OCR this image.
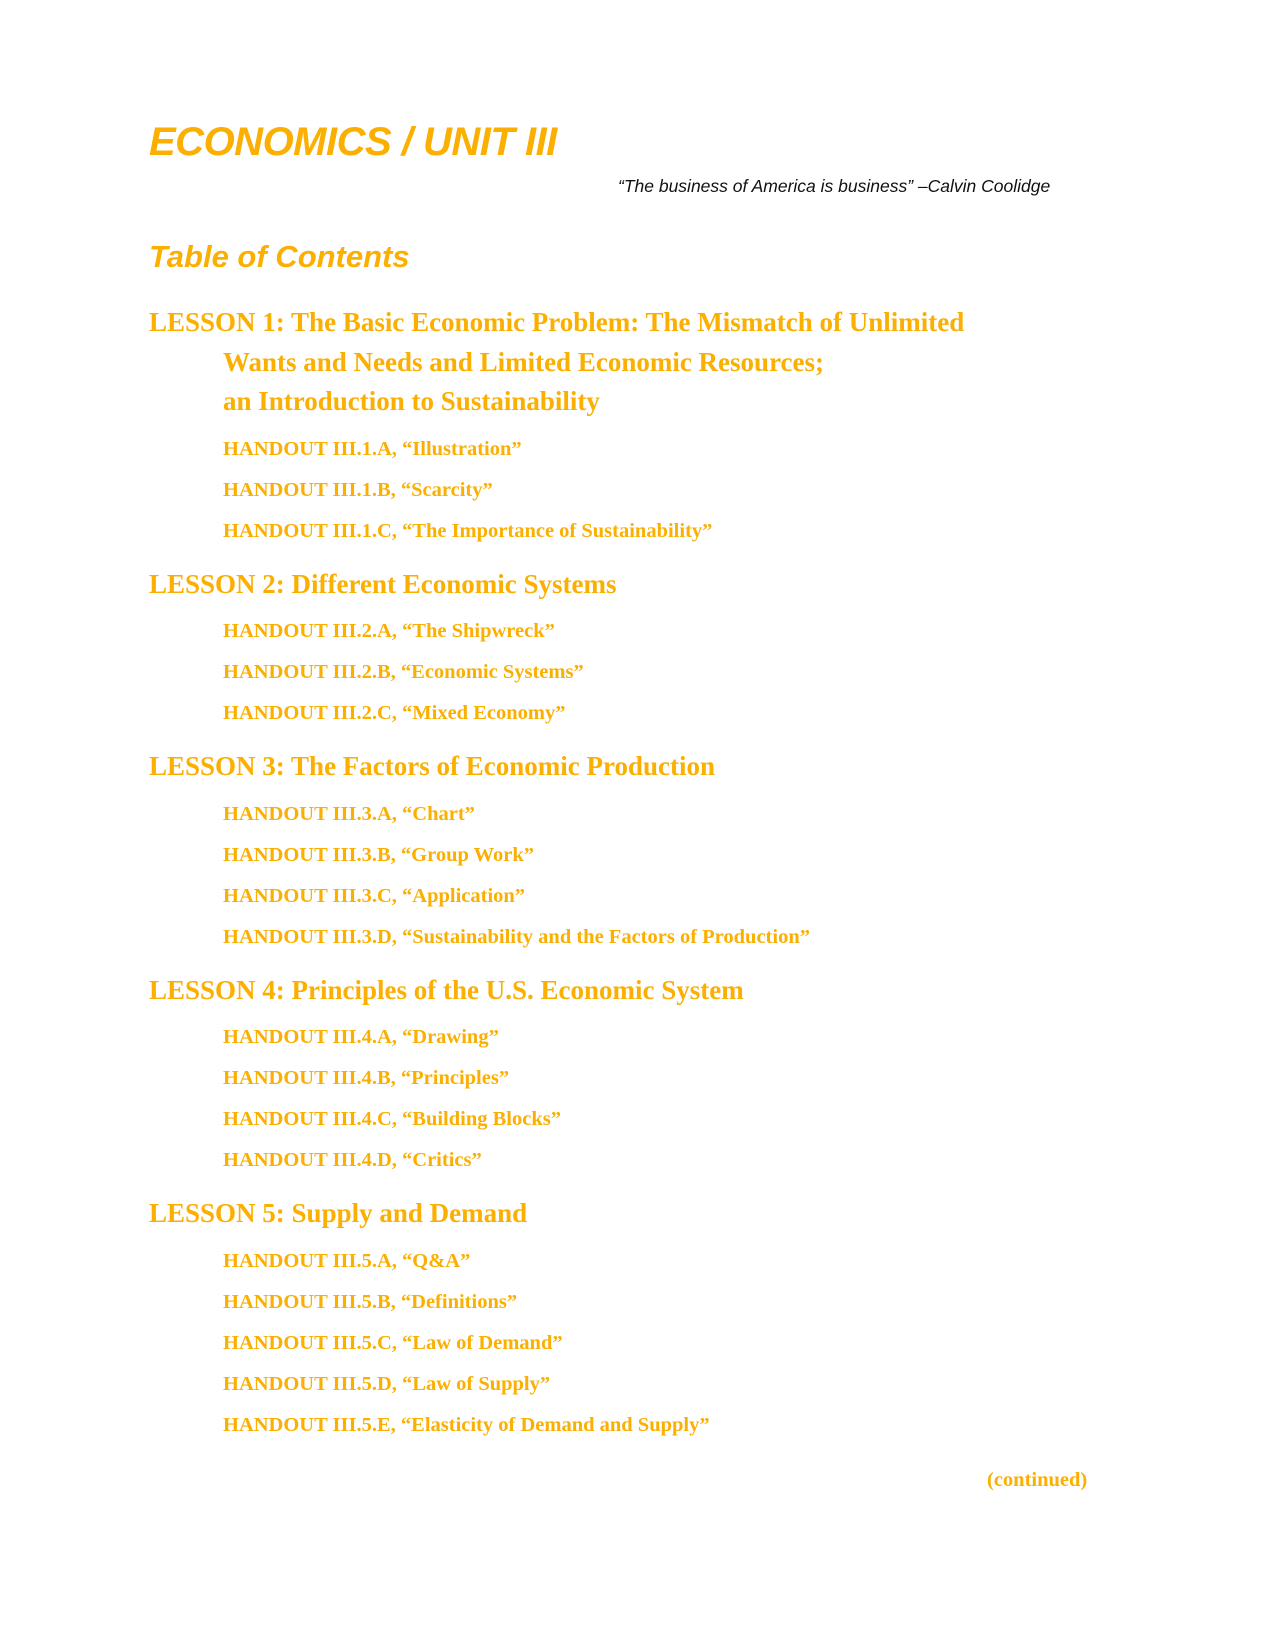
ECONOMICS / UNIT III
“The business of America is business” –Calvin Coolidge
Table of Contents
LESSON 1: The Basic Economic Problem: The Mismatch of Unlimited
Wants and Needs and Limited Economic Resources;
an Introduction to Sustainability
HANDOUT III.1.A, “Illustration”
HANDOUT III.1.B, “Scarcity”
HANDOUT III.1.C, “The Importance of Sustainability”
LESSON 2: Different Economic Systems
HANDOUT III.2.A, “The Shipwreck”
HANDOUT III.2.B, “Economic Systems”
HANDOUT III.2.C, “Mixed Economy”
LESSON 3: The Factors of Economic Production
HANDOUT III.3.A, “Chart”
HANDOUT III.3.B, “Group Work”
HANDOUT III.3.C, “Application”
HANDOUT III.3.D, “Sustainability and the Factors of Production”
LESSON 4: Principles of the U.S. Economic System
HANDOUT III.4.A, “Drawing”
HANDOUT III.4.B, “Principles”
HANDOUT III.4.C, “Building Blocks”
HANDOUT III.4.D, “Critics”
LESSON 5: Supply and Demand
HANDOUT III.5.A, “Q&A”
HANDOUT III.5.B, “Definitions”
HANDOUT III.5.C, “Law of Demand”
HANDOUT III.5.D, “Law of Supply”
HANDOUT III.5.E, “Elasticity of Demand and Supply”
(continued)
